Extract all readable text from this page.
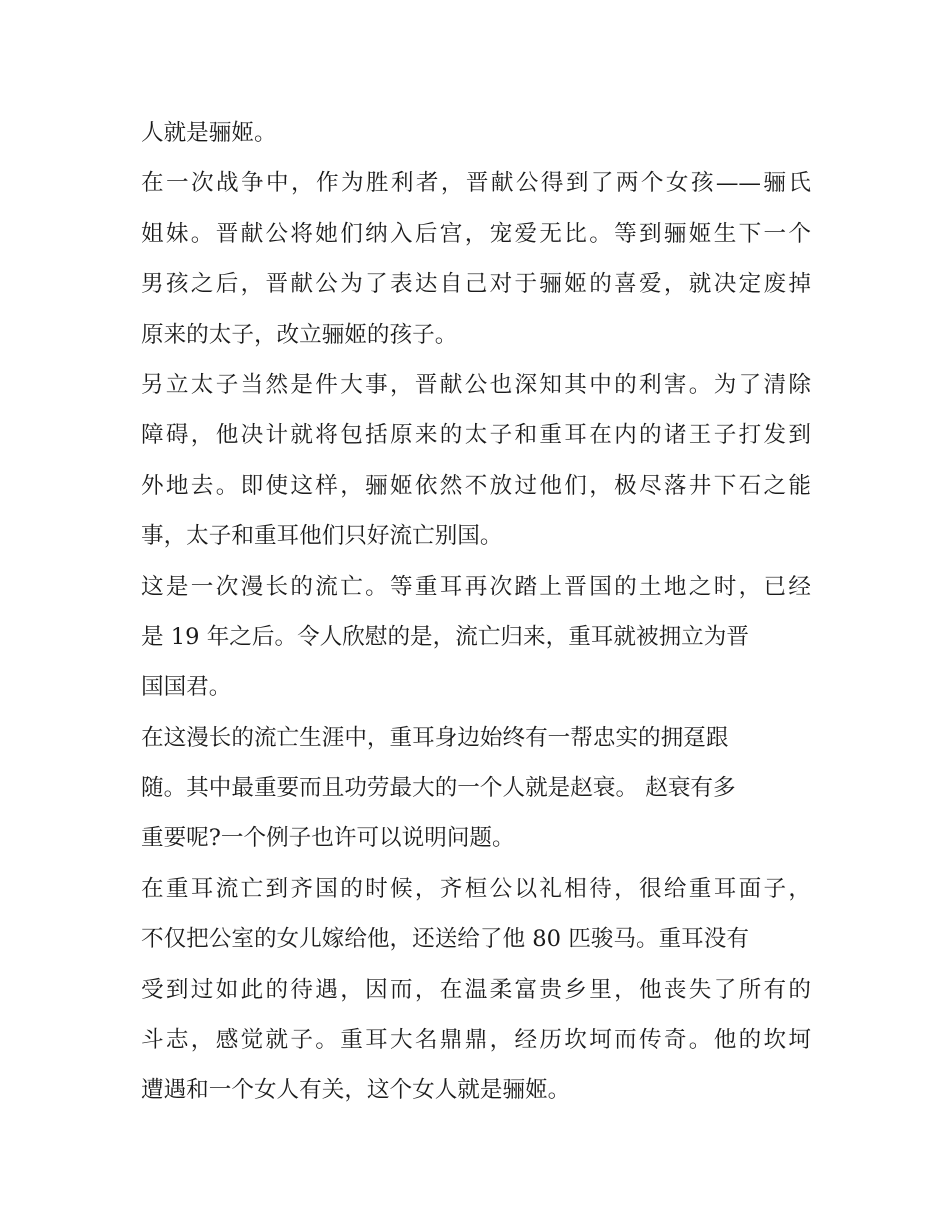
人就是骊姬。
在一次战争中，作为胜利者，晋献公得到了两个女孩——骊氏
姐妹。晋献公将她们纳入后宫，宠爱无比。等到骊姬生下一个
男孩之后，晋献公为了表达自己对于骊姬的喜爱，就决定废掉
原来的太子，改立骊姬的孩子。
另立太子当然是件大事，晋献公也深知其中的利害。为了清除
障碍，他决计就将包括原来的太子和重耳在内的诸王子打发到
外地去。即使这样，骊姬依然不放过他们，极尽落井下石之能
事，太子和重耳他们只好流亡别国。
这是一次漫长的流亡。等重耳再次踏上晋国的土地之时，已经
是 19 年之后。令人欣慰的是，流亡归来，重耳就被拥立为晋
国国君。
在这漫长的流亡生涯中，重耳身边始终有一帮忠实的拥趸跟
随。其中最重要而且功劳最大的一个人就是赵衰。 赵衰有多
重要呢?一个例子也许可以说明问题。
在重耳流亡到齐国的时候，齐桓公以礼相待，很给重耳面子，
不仅把公室的女儿嫁给他，还送给了他 80 匹骏马。重耳没有
受到过如此的待遇，因而，在温柔富贵乡里，他丧失了所有的
斗志，感觉就子。重耳大名鼎鼎，经历坎坷而传奇。他的坎坷
遭遇和一个女人有关，这个女人就是骊姬。
